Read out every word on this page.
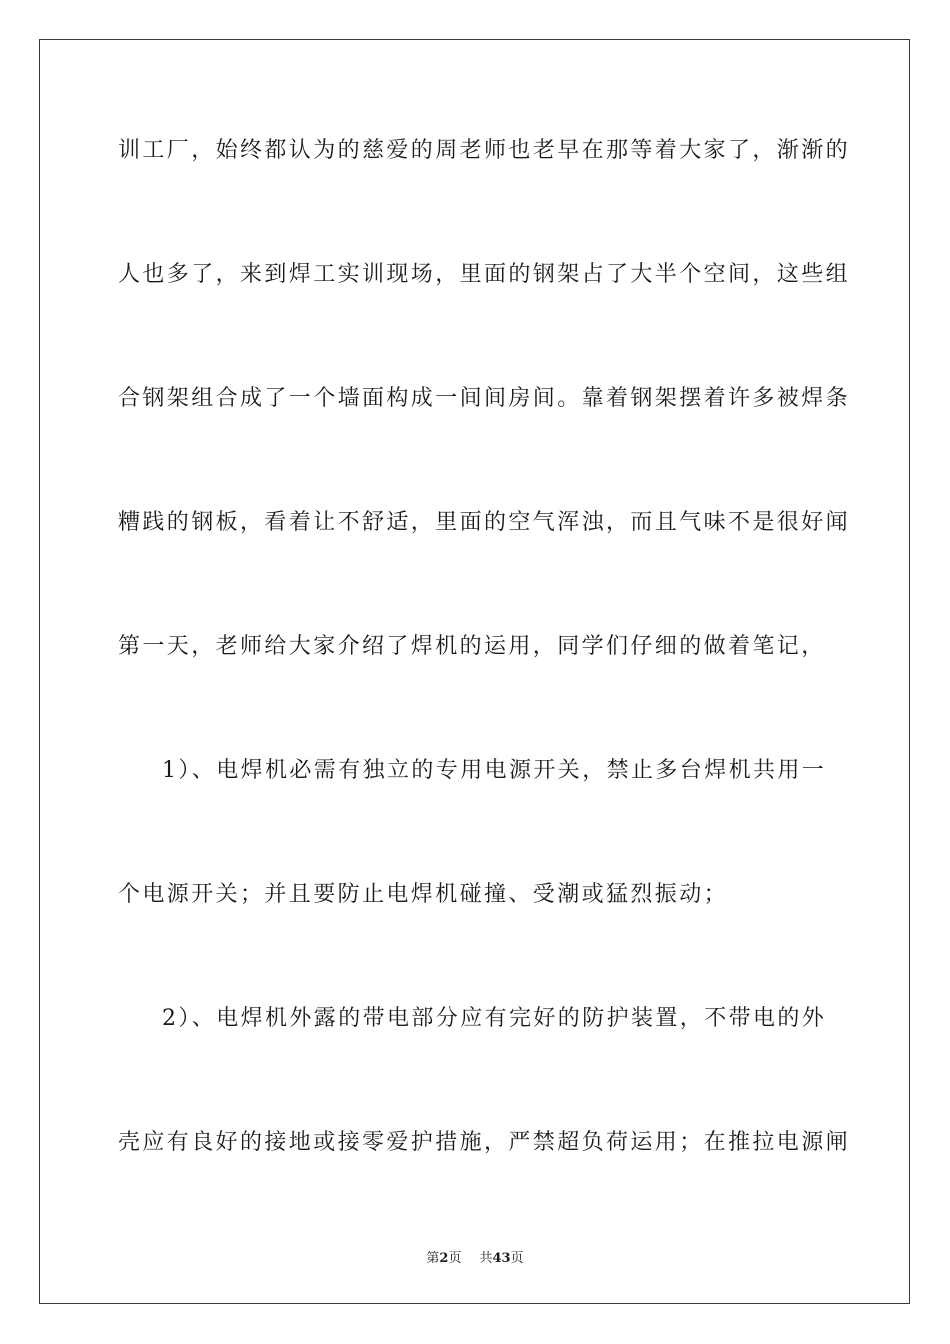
训工厂，始终都认为的慈爱的周老师也老早在那等着大家了，渐渐的

人也多了，来到焊工实训现场，里面的钢架占了大半个空间，这些组

合钢架组合成了一个墙面构成一间间房间。靠着钢架摆着许多被焊条

糟践的钢板，看着让不舒适，里面的空气浑浊，而且气味不是很好闻

第一天，老师给大家介绍了焊机的运用，同学们仔细的做着笔记，

1）、电焊机必需有独立的专用电源开关，禁止多台焊机共用一

个电源开关；并且要防止电焊机碰撞、受潮或猛烈振动；

2）、电焊机外露的带电部分应有完好的防护装置，不带电的外

壳应有良好的接地或接零爱护措施，严禁超负荷运用；在推拉电源闸

第2页 共43页
